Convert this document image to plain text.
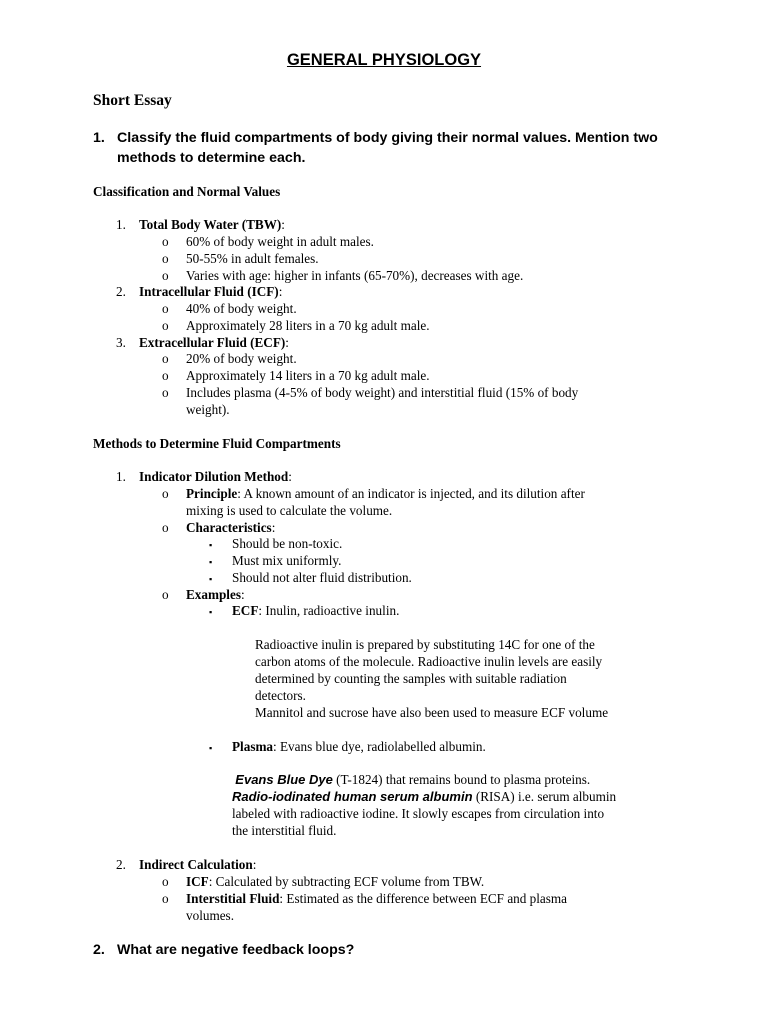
GENERAL PHYSIOLOGY
Short Essay
1. Classify the fluid compartments of body giving their normal values. Mention two
methods to determine each.
Classification and Normal Values
1. Total Body Water (TBW):
o 60% of body weight in adult males.
o 50-55% in adult females.
o Varies with age: higher in infants (65-70%), decreases with age.
2. Intracellular Fluid (ICF):
o 40% of body weight.
o Approximately 28 liters in a 70 kg adult male.
3. Extracellular Fluid (ECF):
o 20% of body weight.
o Approximately 14 liters in a 70 kg adult male.
o Includes plasma (4-5% of body weight) and interstitial fluid (15% of body
weight).
Methods to Determine Fluid Compartments
1. Indicator Dilution Method:
o Principle: A known amount of an indicator is injected, and its dilution after
mixing is used to calculate the volume.
o Characteristics:
▪ Should be non-toxic.
▪ Must mix uniformly.
▪ Should not alter fluid distribution.
o Examples:
▪ ECF: Inulin, radioactive inulin.
Radioactive inulin is prepared by substituting 14C for one of the
carbon atoms of the molecule. Radioactive inulin levels are easily
determined by counting the samples with suitable radiation
detectors.
Mannitol and sucrose have also been used to measure ECF volume
▪ Plasma: Evans blue dye, radiolabelled albumin.
Evans Blue Dye (T-1824) that remains bound to plasma proteins.
Radio-iodinated human serum albumin (RISA) i.e. serum albumin
labeled with radioactive iodine. It slowly escapes from circulation into
the interstitial fluid.
2. Indirect Calculation:
o ICF: Calculated by subtracting ECF volume from TBW.
o Interstitial Fluid: Estimated as the difference between ECF and plasma
volumes.
2. What are negative feedback loops?
